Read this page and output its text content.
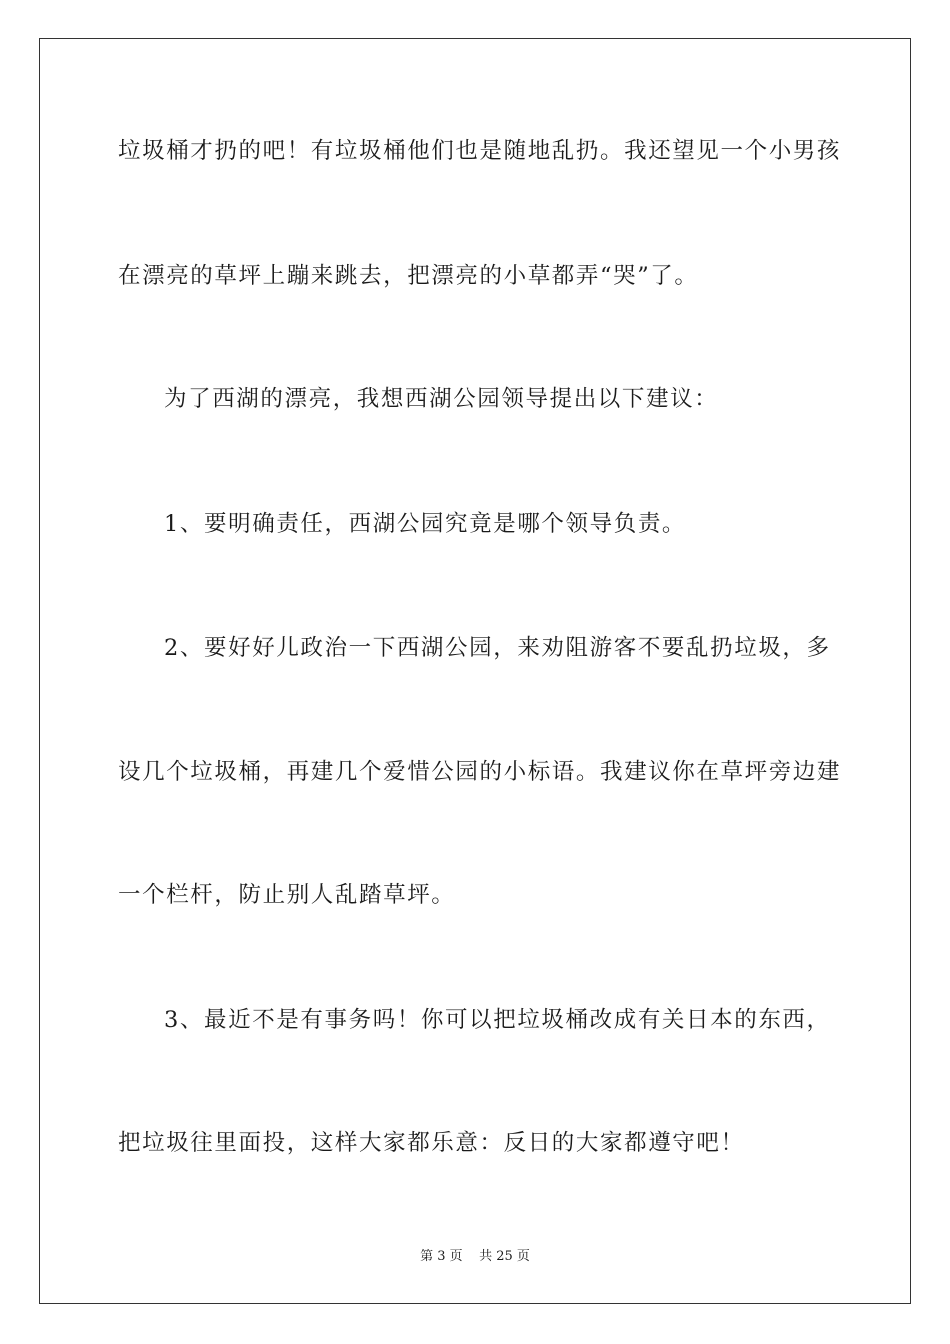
垃圾桶才扔的吧！有垃圾桶他们也是随地乱扔。我还望见一个小男孩
在漂亮的草坪上蹦来跳去，把漂亮的小草都弄“哭”了。
为了西湖的漂亮，我想西湖公园领导提出以下建议：
1、要明确责任，西湖公园究竟是哪个领导负责。
2、要好好儿政治一下西湖公园，来劝阻游客不要乱扔垃圾，多
设几个垃圾桶，再建几个爱惜公园的小标语。我建议你在草坪旁边建
一个栏杆，防止别人乱踏草坪。
3、最近不是有事务吗！你可以把垃圾桶改成有关日本的东西，
把垃圾往里面投，这样大家都乐意：反日的大家都遵守吧！
第 3 页    共 25 页
